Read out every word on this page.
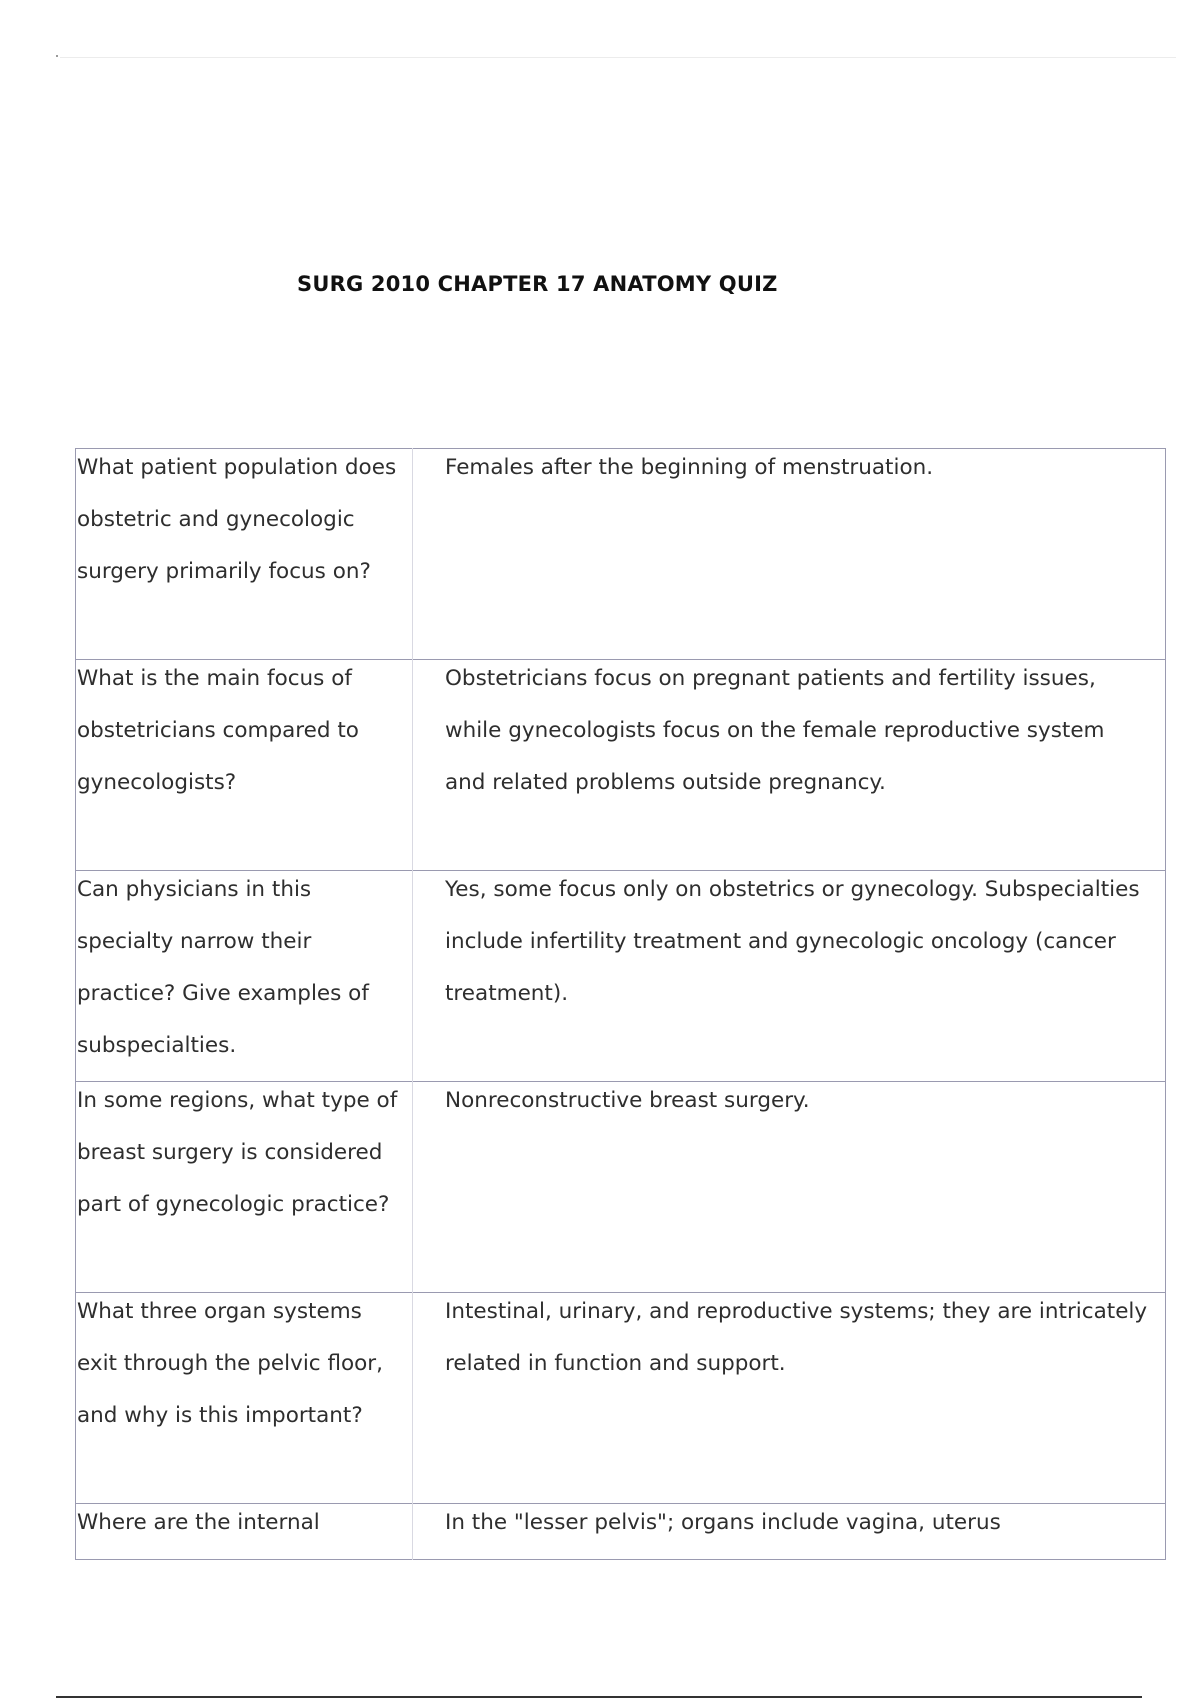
SURG 2010 CHAPTER 17 ANATOMY QUIZ
What patient population does obstetric and gynecologic surgery primarily focus on?	Females after the beginning of menstruation.

What is the main focus of obstetricians compared to gynecologists?	Obstetricians focus on pregnant patients and fertility issues, while gynecologists focus on the female reproductive system and related problems outside pregnancy.

Can physicians in this specialty narrow their practice? Give examples of subspecialties.	Yes, some focus only on obstetrics or gynecology. Subspecialties include infertility treatment and gynecologic oncology (cancer treatment).

In some regions, what type of breast surgery is considered part of gynecologic practice?	Nonreconstructive breast surgery.

What three organ systems exit through the pelvic floor, and why is this important?	Intestinal, urinary, and reproductive systems; they are intricately related in function and support.

Where are the internal	In the "lesser pelvis"; organs include vagina, uterus
